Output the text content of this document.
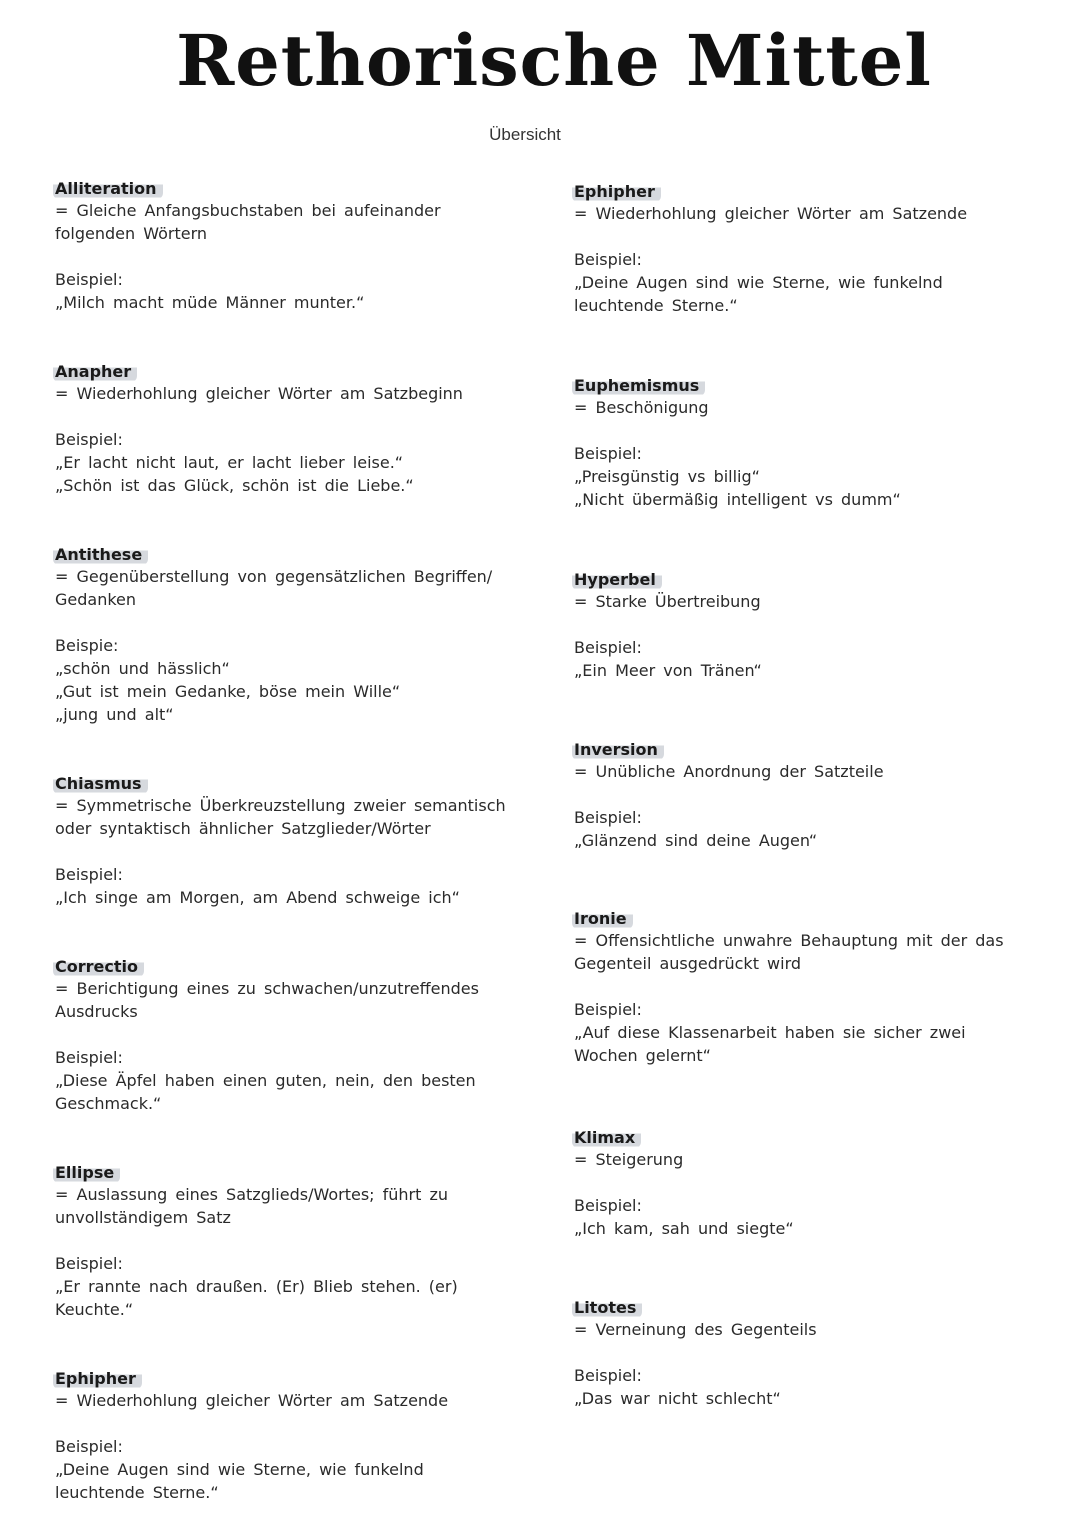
Rethorische Mittel
Übersicht
Alliteration
= Gleiche Anfangsbuchstaben bei aufeinander
folgenden Wörtern
Beispiel:
„Milch macht müde Männer munter.“
Anapher
= Wiederhohlung gleicher Wörter am Satzbeginn
Beispiel:
„Er lacht nicht laut, er lacht lieber leise.“
„Schön ist das Glück, schön ist die Liebe.“
Antithese
= Gegenüberstellung von gegensätzlichen Begriffen/
Gedanken
Beispie:
„schön und hässlich“
„Gut ist mein Gedanke, böse mein Wille“
„jung und alt“
Chiasmus
= Symmetrische Überkreuzstellung zweier semantisch
oder syntaktisch ähnlicher Satzglieder/Wörter
Beispiel:
„Ich singe am Morgen, am Abend schweige ich“
Correctio
= Berichtigung eines zu schwachen/unzutreffendes
Ausdrucks
Beispiel:
„Diese Äpfel haben einen guten, nein, den besten
Geschmack.“
Ellipse
= Auslassung eines Satzglieds/Wortes; führt zu
unvollständigem Satz
Beispiel:
„Er rannte nach draußen. (Er) Blieb stehen. (er)
Keuchte.“
Ephipher
= Wiederhohlung gleicher Wörter am Satzende
Beispiel:
„Deine Augen sind wie Sterne, wie funkelnd
leuchtende Sterne.“
Ephipher
= Wiederhohlung gleicher Wörter am Satzende
Beispiel:
„Deine Augen sind wie Sterne, wie funkelnd
leuchtende Sterne.“
Euphemismus
= Beschönigung
Beispiel:
„Preisgünstig vs billig“
„Nicht übermäßig intelligent vs dumm“
Hyperbel
= Starke Übertreibung
Beispiel:
„Ein Meer von Tränen“
Inversion
= Unübliche Anordnung der Satzteile
Beispiel:
„Glänzend sind deine Augen“
Ironie
= Offensichtliche unwahre Behauptung mit der das
Gegenteil ausgedrückt wird
Beispiel:
„Auf diese Klassenarbeit haben sie sicher zwei
Wochen gelernt“
Klimax
= Steigerung
Beispiel:
„Ich kam, sah und siegte“
Litotes
= Verneinung des Gegenteils
Beispiel:
„Das war nicht schlecht“
